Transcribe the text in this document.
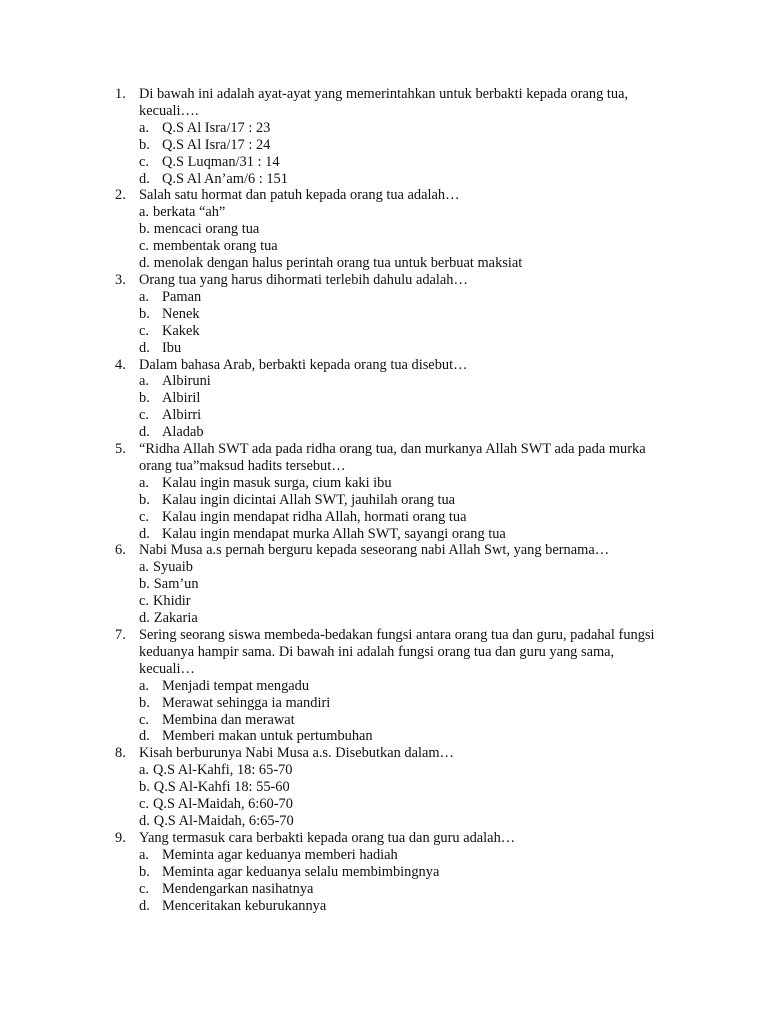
1. Di bawah ini adalah ayat-ayat yang memerintahkan untuk berbakti kepada orang tua, kecuali….
a. Q.S Al Isra/17 : 23
b. Q.S Al Isra/17 : 24
c. Q.S Luqman/31 : 14
d. Q.S Al An’am/6 : 151
2. Salah satu hormat dan patuh kepada orang tua adalah…
a. berkata “ah”
b. mencaci orang tua
c. membentak orang tua
d. menolak dengan halus perintah orang tua untuk berbuat maksiat
3. Orang tua yang harus dihormati terlebih dahulu adalah…
a. Paman
b. Nenek
c. Kakek
d. Ibu
4. Dalam bahasa Arab, berbakti kepada orang tua disebut…
a. Albiruni
b. Albiril
c. Albirri
d. Aladab
5. “Ridha Allah SWT ada pada ridha orang tua, dan murkanya Allah SWT ada pada murka orang tua”maksud hadits tersebut…
a. Kalau ingin masuk surga, cium kaki ibu
b. Kalau ingin dicintai Allah SWT, jauhilah orang tua
c. Kalau ingin mendapat ridha Allah, hormati orang tua
d. Kalau ingin mendapat murka Allah SWT, sayangi orang tua
6. Nabi Musa a.s pernah berguru kepada seseorang nabi Allah Swt, yang bernama…
a. Syuaib
b. Sam’un
c. Khidir
d. Zakaria
7. Sering seorang siswa membeda-bedakan fungsi antara orang tua dan guru, padahal fungsi keduanya hampir sama. Di bawah ini adalah fungsi orang tua dan guru yang sama, kecuali…
a. Menjadi tempat mengadu
b. Merawat sehingga ia mandiri
c. Membina dan merawat
d. Memberi makan untuk pertumbuhan
8. Kisah berburunya Nabi Musa a.s. Disebutkan dalam…
a. Q.S Al-Kahfi, 18: 65-70
b. Q.S Al-Kahfi 18: 55-60
c. Q.S Al-Maidah, 6:60-70
d. Q.S Al-Maidah, 6:65-70
9. Yang termasuk cara berbakti kepada orang tua dan guru adalah…
a. Meminta agar keduanya memberi hadiah
b. Meminta agar keduanya selalu membimbingnya
c. Mendengarkan nasihatnya
d. Menceritakan keburukannya
